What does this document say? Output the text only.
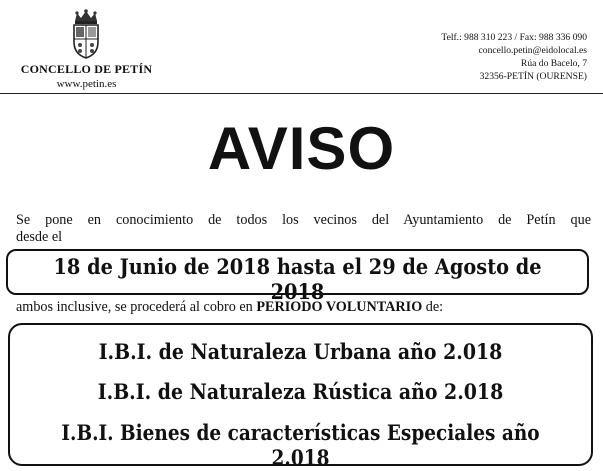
CONCELLO DE PETÍN
www.petin.es
Telf.: 988 310 223 / Fax: 988 336 090
concello.petin@eidolocal.es
Rúa do Bacelo, 7
32356-PETÍN (OURENSE)
AVISO
Se pone en conocimiento de todos los vecinos del Ayuntamiento de Petín que
desde el
18 de Junio de 2018 hasta el 29 de Agosto de 2018
ambos inclusive, se procederá al cobro en PERIODO VOLUNTARIO de:
I.B.I. de Naturaleza Urbana año 2.018
I.B.I. de Naturaleza Rústica año 2.018
I.B.I. Bienes de características Especiales año 2.018
